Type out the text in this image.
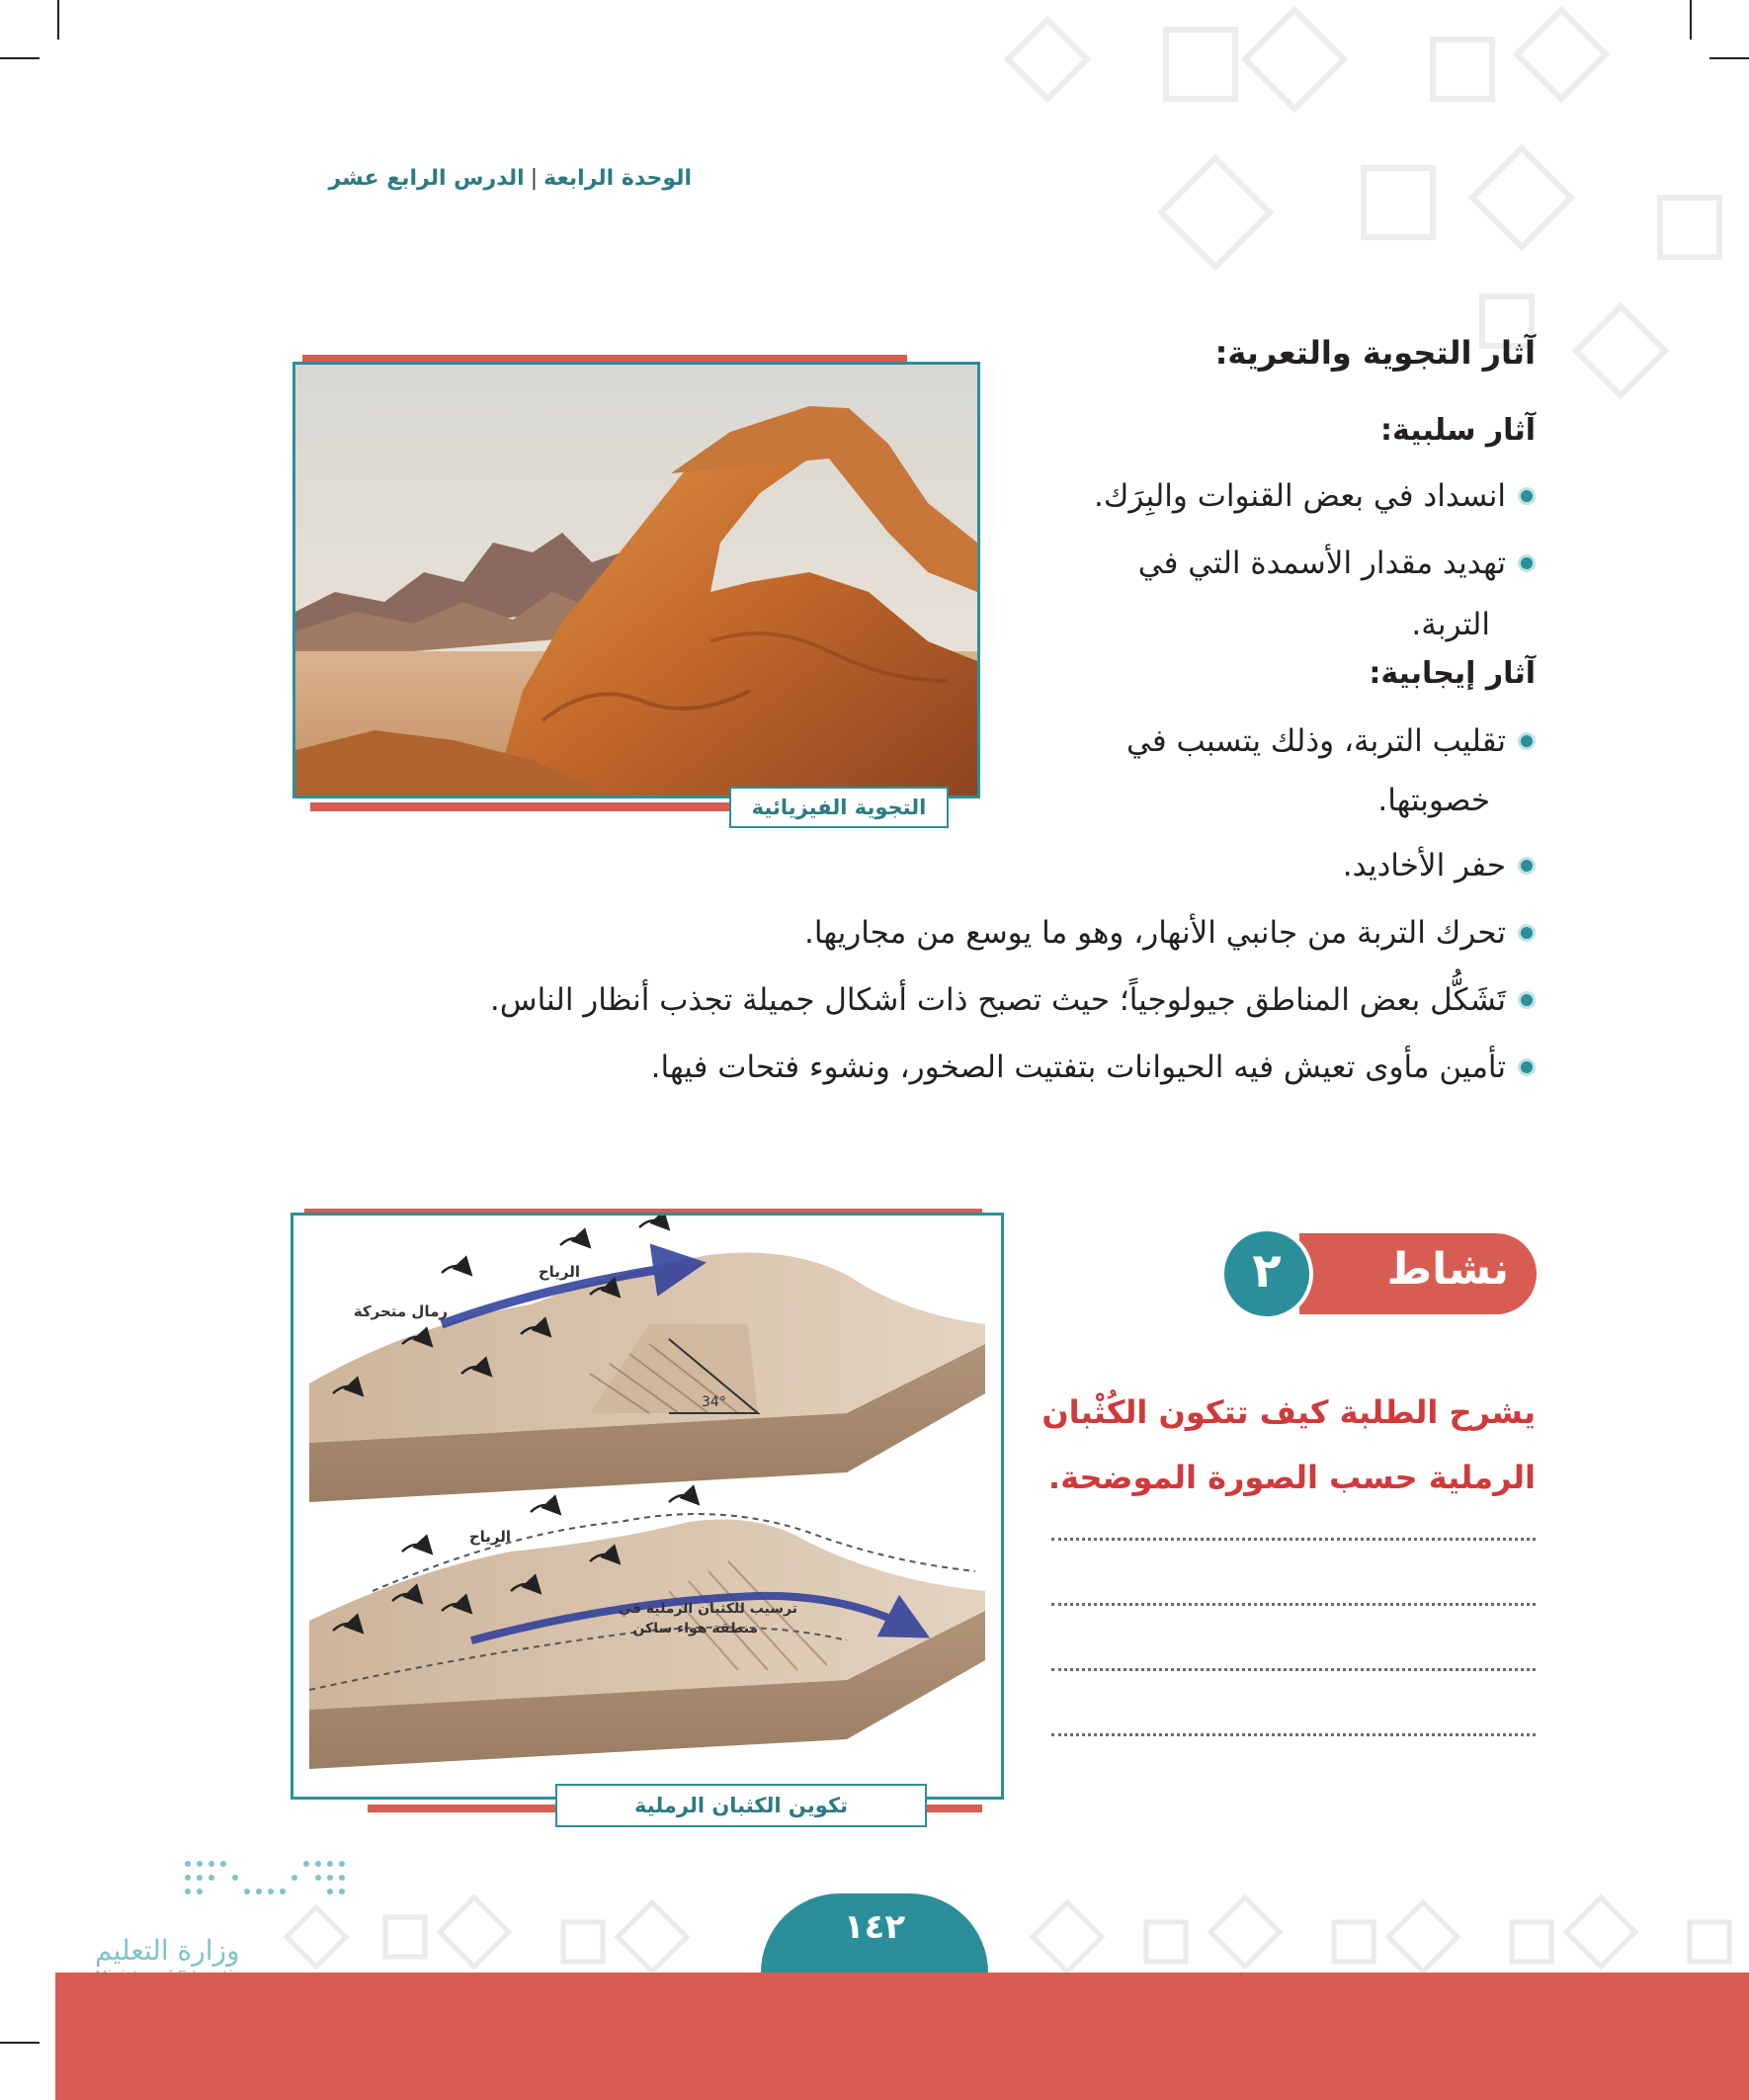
الوحدة الرابعة|الدرس الرابع عشر
آثار التجوية والتعرية:
آثار سلبية:
انسداد في بعض القنوات والبِرَك.
تهديد مقدار الأسمدة التي في
التربة.
آثار إيجابية:
تقليب التربة، وذلك يتسبب في
خصوبتها.
حفر الأخاديد.
تحرك التربة من جانبي الأنهار، وهو ما يوسع من مجاريها.
تَشَكُّل بعض المناطق جيولوجياً؛ حيث تصبح ذات أشكال جميلة تجذب أنظار الناس.
تأمين مأوى تعيش فيه الحيوانات بتفتيت الصخور، ونشوء فتحات فيها.
التجوية الفيزيائية
نشاط
٢
يشرح الطلبة كيف تتكون الكُثْبان
الرملية حسب الصورة الموضحة.
34°
الرياح
رمال متحركة
الرياح
ترسيب للكثبان الرملية في
منطقة هواء ساكن
تكوين الكثبان الرملية
وزارة التعليم
١٤٢
